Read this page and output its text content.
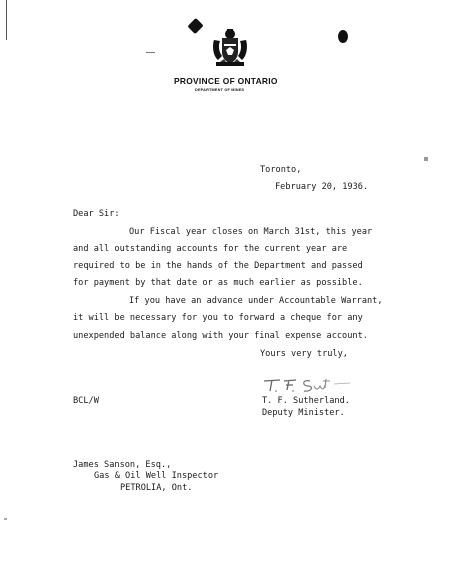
PROVINCE OF ONTARIO
DEPARTMENT OF MINES
Toronto,
February 20, 1936.
Dear Sir:
Our Fiscal year closes on March 31st, this year
and all outstanding accounts for the current year are
required to be in the hands of the Department and passed
for payment by that date or as much earlier as possible.
If you have an advance under Accountable Warrant,
it will be necessary for you to forward a cheque for any
unexpended balance along with your final expense account.
Yours very truly,
BCL/W	T. F. Sutherland.
Deputy Minister.
James Sanson, Esq.,
Gas & Oil Well Inspector
PETROLIA, Ont.
